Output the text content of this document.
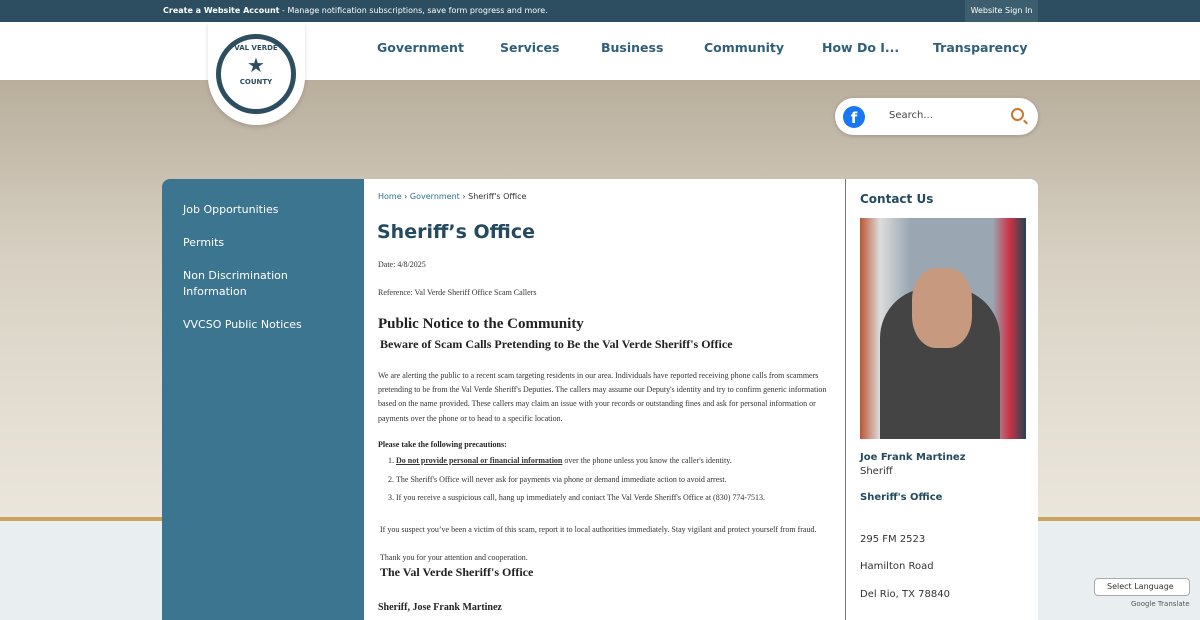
Create a Website Account - Manage notification subscriptions, save form progress and more.	Website Sign In
Government	Services	Business	Community	How Do I...	Transparency
VAL VERDE
★
COUNTY
f	Search...
Job Opportunities
Permits
Non Discrimination Information
VVCSO Public Notices
Home › Government › Sheriff's Office
Sheriff’s Office
Date: 4/8/2025
Reference: Val Verde Sheriff Office Scam Callers
Public Notice to the Community
Beware of Scam Calls Pretending to Be the Val Verde Sheriff's Office
We are alerting the public to a recent scam targeting residents in our area. Individuals have reported receiving phone calls from scammers pretending to be from the Val Verde Sheriff's Deputies. The callers may assume our Deputy's identity and try to confirm generic information based on the name provided. These callers may claim an issue with your records or outstanding fines and ask for personal information or payments over the phone or to head to a specific location.
Please take the following precautions:
1. Do not provide personal or financial information over the phone unless you know the caller's identity.
2. The Sheriff's Office will never ask for payments via phone or demand immediate action to avoid arrest.
3. If you receive a suspicious call, hang up immediately and contact The Val Verde Sheriff's Office at (830) 774-7513.
If you suspect you’ve been a victim of this scam, report it to local authorities immediately. Stay vigilant and protect yourself from fraud.
Thank you for your attention and cooperation.
The Val Verde Sheriff's Office
Sheriff, Jose Frank Martinez
Contact Us
Joe Frank Martinez
Sheriff
Sheriff's Office
295 FM 2523
Hamilton Road
Del Rio, TX 78840
Select Language
Google Translate
